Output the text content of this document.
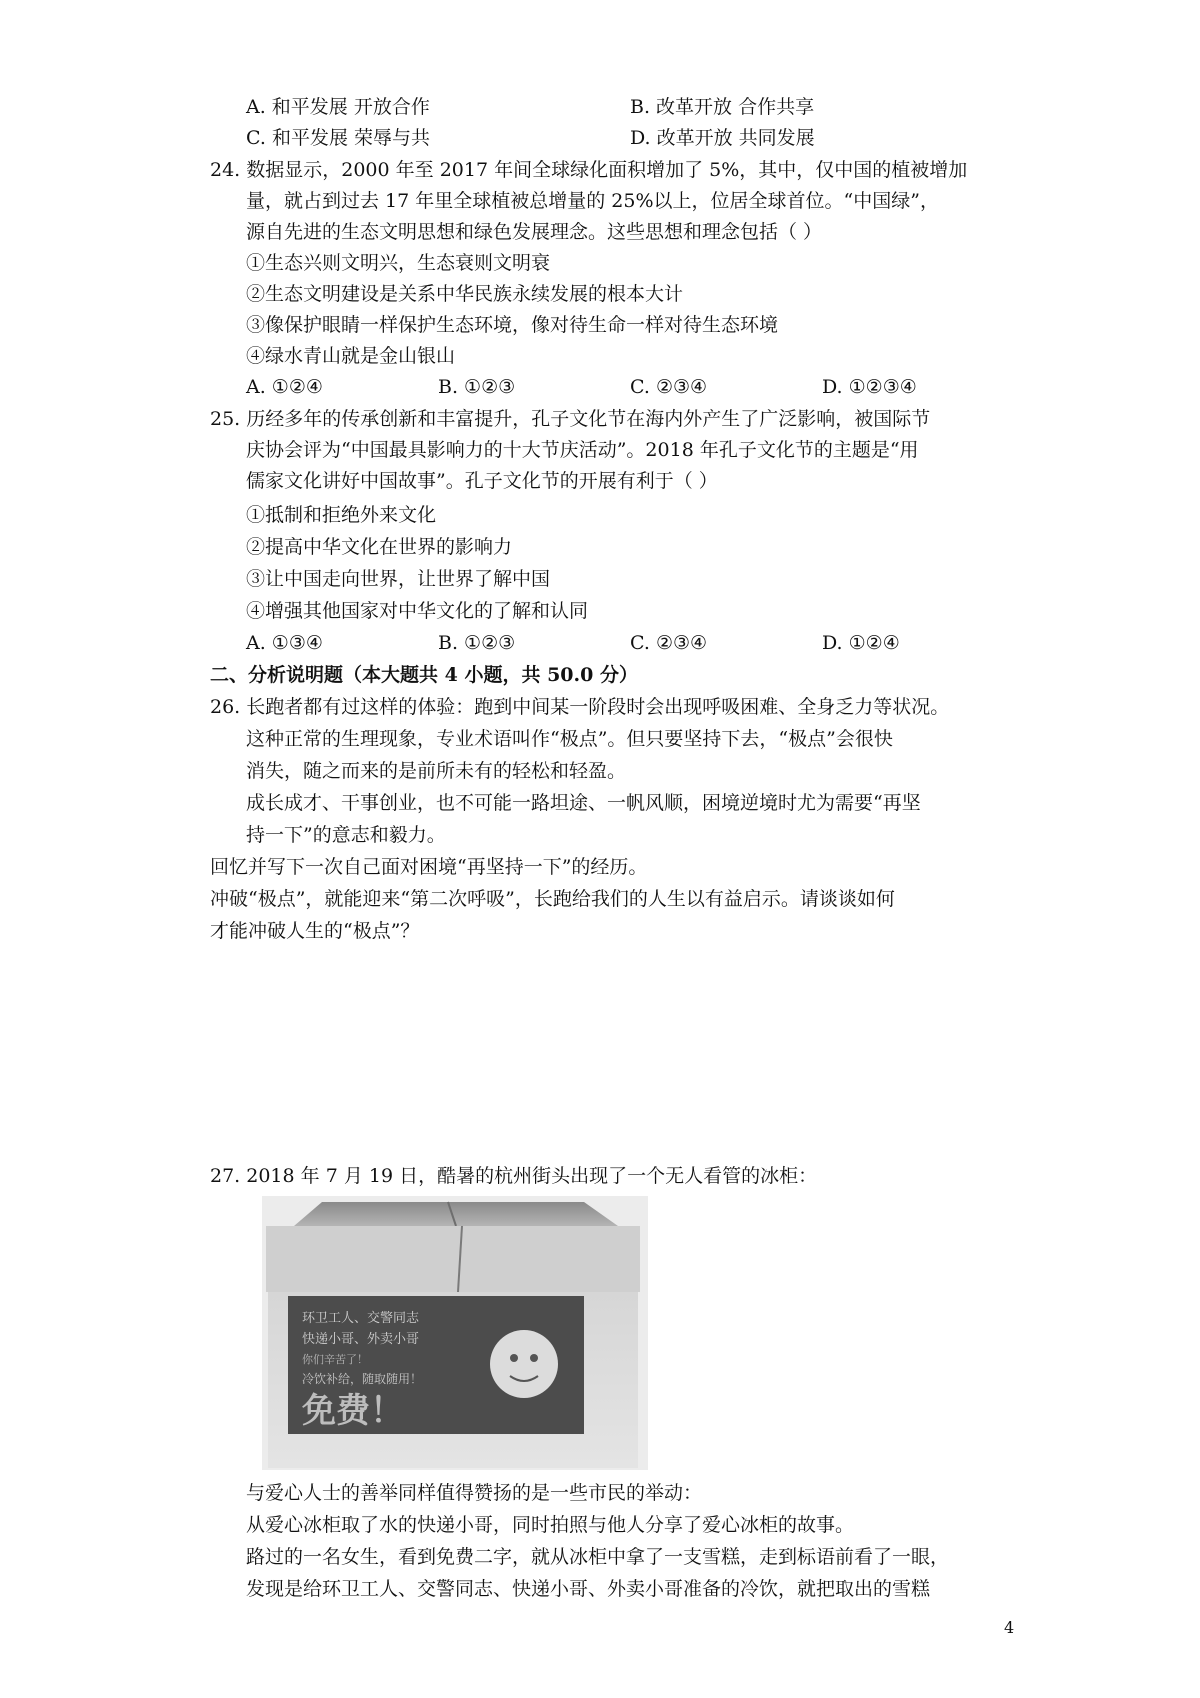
A. 和平发展 开放合作	B. 改革开放 合作共享
C. 和平发展 荣辱与共	D. 改革开放 共同发展
24. 数据显示，2000 年至 2017 年间全球绿化面积增加了 5%，其中，仅中国的植被增加
量，就占到过去 17 年里全球植被总增量的 25%以上，位居全球首位。“中国绿”，
源自先进的生态文明思想和绿色发展理念。这些思想和理念包括（ ）
①生态兴则文明兴，生态衰则文明衰
②生态文明建设是关系中华民族永续发展的根本大计
③像保护眼睛一样保护生态环境，像对待生命一样对待生态环境
④绿水青山就是金山银山
A. ①②④	B. ①②③	C. ②③④	D. ①②③④
25. 历经多年的传承创新和丰富提升，孔子文化节在海内外产生了广泛影响，被国际节
庆协会评为“中国最具影响力的十大节庆活动”。2018 年孔子文化节的主题是“用
儒家文化讲好中国故事”。孔子文化节的开展有利于（ ）
①抵制和拒绝外来文化
②提高中华文化在世界的影响力
③让中国走向世界，让世界了解中国
④增强其他国家对中华文化的了解和认同
A. ①③④	B. ①②③	C. ②③④	D. ①②④
二、分析说明题（本大题共 4 小题，共 50.0 分）
26. 长跑者都有过这样的体验：跑到中间某一阶段时会出现呼吸困难、全身乏力等状况。
这种正常的生理现象，专业术语叫作“极点”。但只要坚持下去，“极点”会很快
消失，随之而来的是前所未有的轻松和轻盈。
成长成才、干事创业，也不可能一路坦途、一帆风顺，困境逆境时尤为需要“再坚
持一下”的意志和毅力。
回忆并写下一次自己面对困境“再坚持一下”的经历。
冲破“极点”，就能迎来“第二次呼吸”，长跑给我们的人生以有益启示。请谈谈如何
才能冲破人生的“极点”？
27. 2018 年 7 月 19 日，酷暑的杭州街头出现了一个无人看管的冰柜：
环卫工人、交警同志
快递小哥、外卖小哥
你们辛苦了！
冷饮补给，随取随用！
免费！
与爱心人士的善举同样值得赞扬的是一些市民的举动：
从爱心冰柜取了水的快递小哥，同时拍照与他人分享了爱心冰柜的故事。
路过的一名女生，看到免费二字，就从冰柜中拿了一支雪糕，走到标语前看了一眼，
发现是给环卫工人、交警同志、快递小哥、外卖小哥准备的冷饮，就把取出的雪糕
4
